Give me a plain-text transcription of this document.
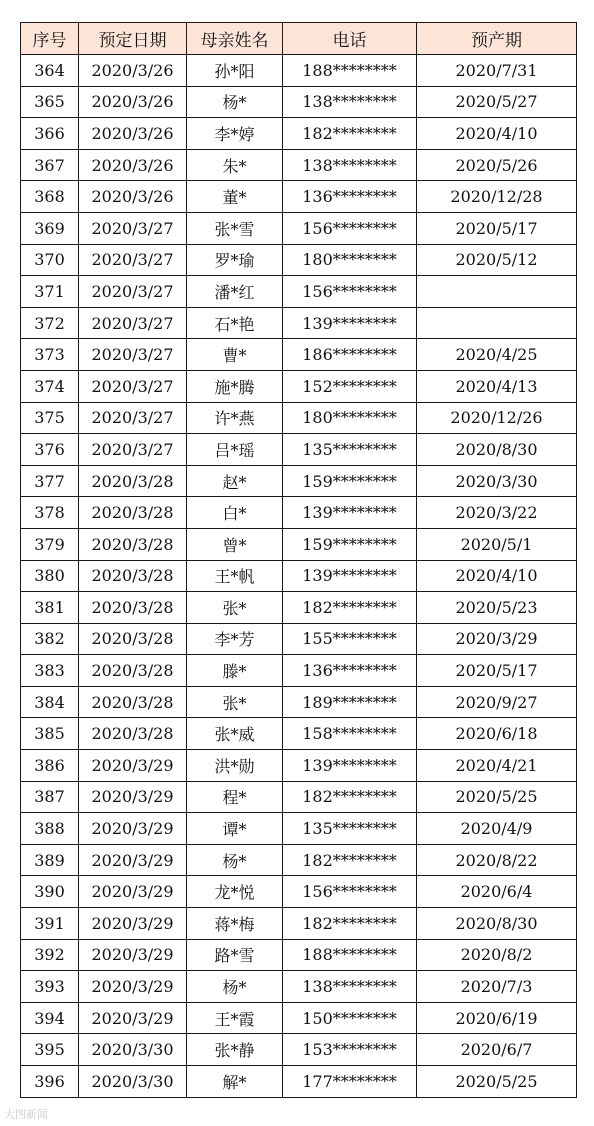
序号	预定日期	母亲姓名	电话	预产期
364	2020/3/26	孙*阳	188********	2020/7/31
365	2020/3/26	杨*	138********	2020/5/27
366	2020/3/26	李*婷	182********	2020/4/10
367	2020/3/26	朱*	138********	2020/5/26
368	2020/3/26	董*	136********	2020/12/28
369	2020/3/27	张*雪	156********	2020/5/17
370	2020/3/27	罗*瑜	180********	2020/5/12
371	2020/3/27	潘*红	156********	
372	2020/3/27	石*艳	139********	
373	2020/3/27	曹*	186********	2020/4/25
374	2020/3/27	施*腾	152********	2020/4/13
375	2020/3/27	许*燕	180********	2020/12/26
376	2020/3/27	吕*瑶	135********	2020/8/30
377	2020/3/28	赵*	159********	2020/3/30
378	2020/3/28	白*	139********	2020/3/22
379	2020/3/28	曾*	159********	2020/5/1
380	2020/3/28	王*帆	139********	2020/4/10
381	2020/3/28	张*	182********	2020/5/23
382	2020/3/28	李*芳	155********	2020/3/29
383	2020/3/28	滕*	136********	2020/5/17
384	2020/3/28	张*	189********	2020/9/27
385	2020/3/28	张*威	158********	2020/6/18
386	2020/3/29	洪*勋	139********	2020/4/21
387	2020/3/29	程*	182********	2020/5/25
388	2020/3/29	谭*	135********	2020/4/9
389	2020/3/29	杨*	182********	2020/8/22
390	2020/3/29	龙*悦	156********	2020/6/4
391	2020/3/29	蒋*梅	182********	2020/8/30
392	2020/3/29	路*雪	188********	2020/8/2
393	2020/3/29	杨*	138********	2020/7/3
394	2020/3/29	王*霞	150********	2020/6/19
395	2020/3/30	张*静	153********	2020/6/7
396	2020/3/30	解*	177********	2020/5/25
大图新闻
